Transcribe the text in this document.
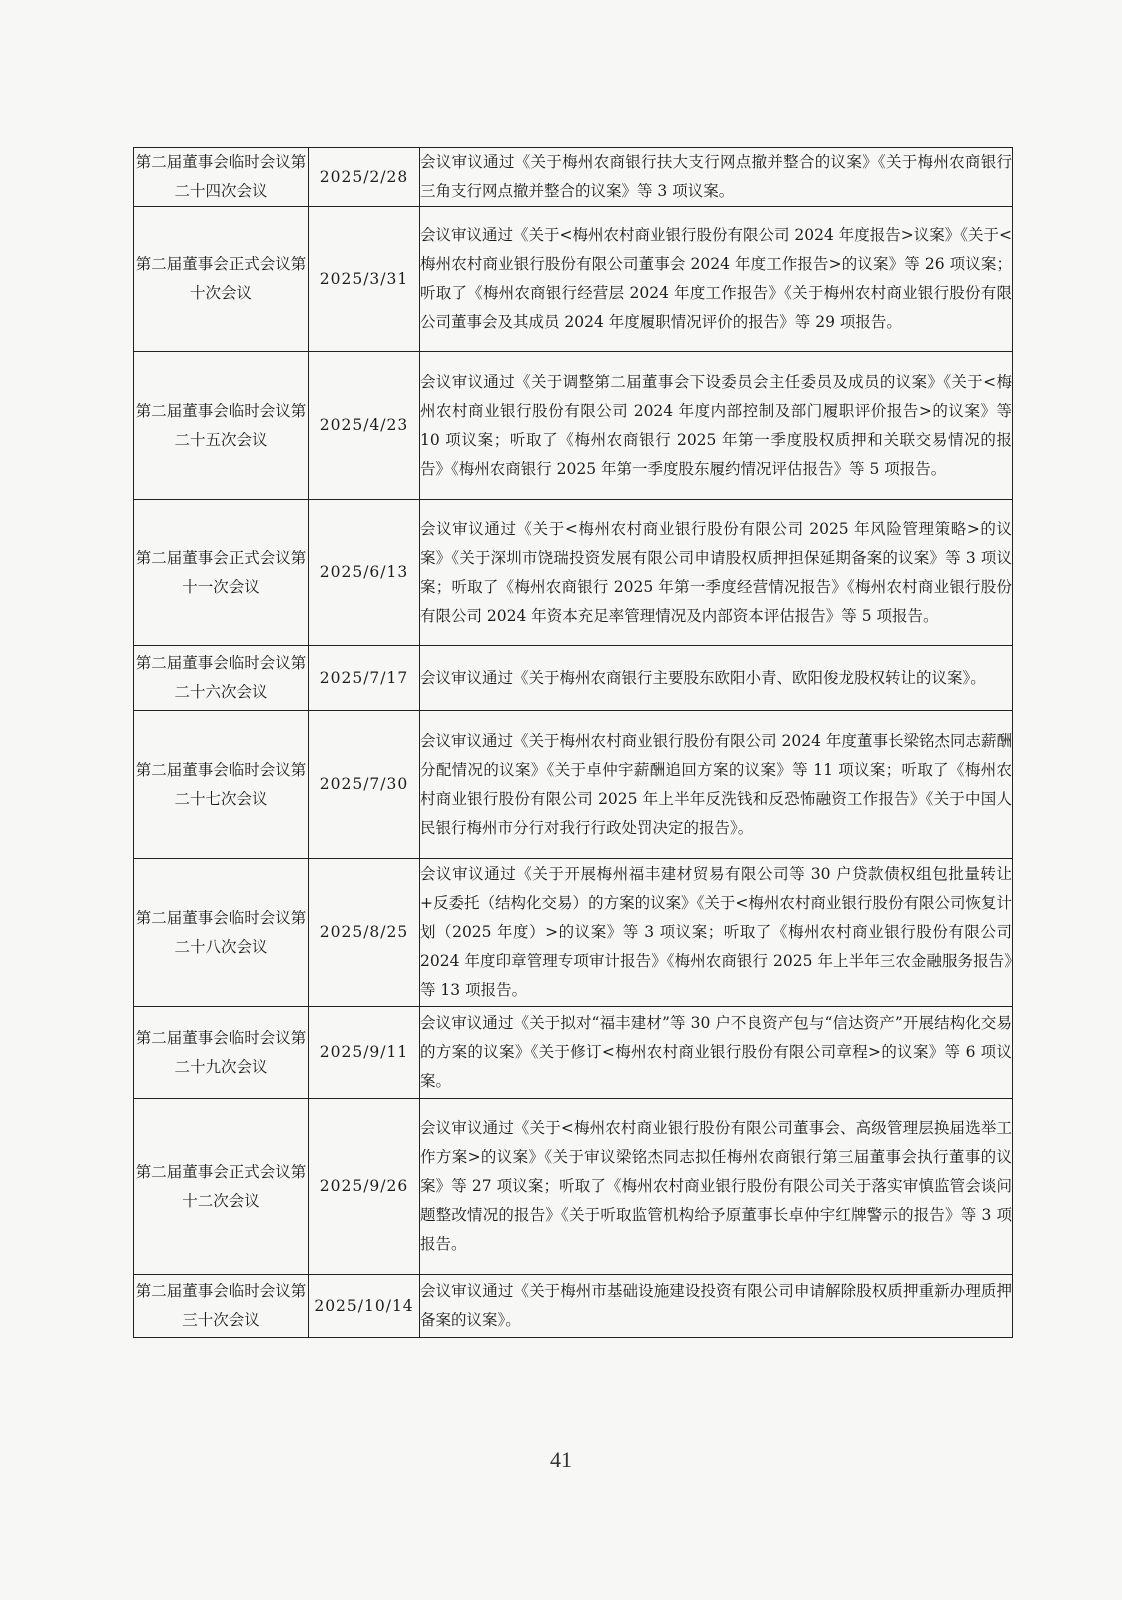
第二届董事会临时会议第二十四次会议	2025/2/28	会议审议通过《关于梅州农商银行扶大支行网点撤并整合的议案》《关于梅州农商银行三角支行网点撤并整合的议案》等 3 项议案。
第二届董事会正式会议第十次会议	2025/3/31	会议审议通过《关于<梅州农村商业银行股份有限公司 2024 年度报告>议案》《关于<梅州农村商业银行股份有限公司董事会 2024 年度工作报告>的议案》等 26 项议案；听取了《梅州农商银行经营层 2024 年度工作报告》《关于梅州农村商业银行股份有限公司董事会及其成员 2024 年度履职情况评价的报告》等 29 项报告。
第二届董事会临时会议第二十五次会议	2025/4/23	会议审议通过《关于调整第二届董事会下设委员会主任委员及成员的议案》《关于<梅州农村商业银行股份有限公司 2024 年度内部控制及部门履职评价报告>的议案》等 10 项议案；听取了《梅州农商银行 2025 年第一季度股权质押和关联交易情况的报告》《梅州农商银行 2025 年第一季度股东履约情况评估报告》等 5 项报告。
第二届董事会正式会议第十一次会议	2025/6/13	会议审议通过《关于<梅州农村商业银行股份有限公司 2025 年风险管理策略>的议案》《关于深圳市饶瑞投资发展有限公司申请股权质押担保延期备案的议案》等 3 项议案；听取了《梅州农商银行 2025 年第一季度经营情况报告》《梅州农村商业银行股份有限公司 2024 年资本充足率管理情况及内部资本评估报告》等 5 项报告。
第二届董事会临时会议第二十六次会议	2025/7/17	会议审议通过《关于梅州农商银行主要股东欧阳小青、欧阳俊龙股权转让的议案》。
第二届董事会临时会议第二十七次会议	2025/7/30	会议审议通过《关于梅州农村商业银行股份有限公司 2024 年度董事长梁铭杰同志薪酬分配情况的议案》《关于卓仲宇薪酬追回方案的议案》等 11 项议案；听取了《梅州农村商业银行股份有限公司 2025 年上半年反洗钱和反恐怖融资工作报告》《关于中国人民银行梅州市分行对我行行政处罚决定的报告》。
第二届董事会临时会议第二十八次会议	2025/8/25	会议审议通过《关于开展梅州福丰建材贸易有限公司等 30 户贷款债权组包批量转让+反委托（结构化交易）的方案的议案》《关于<梅州农村商业银行股份有限公司恢复计划（2025 年度）>的议案》等 3 项议案；听取了《梅州农村商业银行股份有限公司 2024 年度印章管理专项审计报告》《梅州农商银行 2025 年上半年三农金融服务报告》等 13 项报告。
第二届董事会临时会议第二十九次会议	2025/9/11	会议审议通过《关于拟对“福丰建材”等 30 户不良资产包与“信达资产”开展结构化交易的方案的议案》《关于修订<梅州农村商业银行股份有限公司章程>的议案》等 6 项议案。
第二届董事会正式会议第十二次会议	2025/9/26	会议审议通过《关于<梅州农村商业银行股份有限公司董事会、高级管理层换届选举工作方案>的议案》《关于审议梁铭杰同志拟任梅州农商银行第三届董事会执行董事的议案》等 27 项议案；听取了《梅州农村商业银行股份有限公司关于落实审慎监管会谈问题整改情况的报告》《关于听取监管机构给予原董事长卓仲宇红牌警示的报告》等 3 项报告。
第二届董事会临时会议第三十次会议	2025/10/14	会议审议通过《关于梅州市基础设施建设投资有限公司申请解除股权质押重新办理质押备案的议案》。
41
